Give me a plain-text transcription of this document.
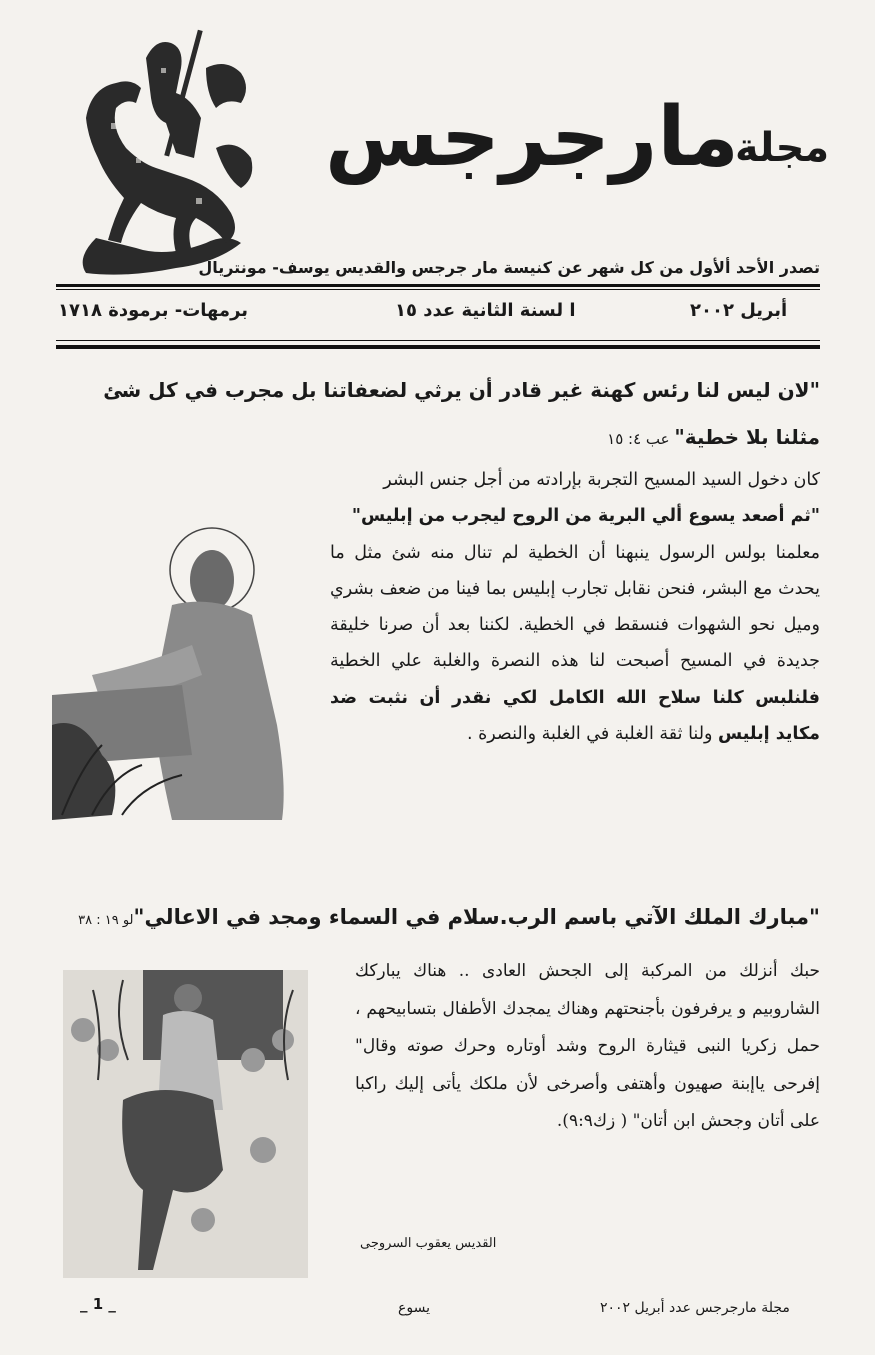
مجلة
مارجرجس
تصدر الأحد ألأول من كل شهر عن كنيسة مار جرجس والقديس يوسف- مونتريال
أبريل ٢٠٠٢
ا لسنة الثانية عدد ١٥
برمهات- برمودة ١٧١٨
"لان ليس لنا رئس كهنة غير قادر أن يرثي لضعفاتنا بل مجرب في كل شئ
مثلنا بلا خطية" عب ٤: ١٥

كان دخول السيد المسيح التجربة بإرادته من أجل جنس البشر

"ثم أصعد يسوع ألي البرية من الروح ليجرب من إبليس"

معلمنا بولس الرسول ينبهنا أن الخطية لم تنال منه شئ مثل ما يحدث مع البشر، فنحن نقابل تجارب إبليس بما فينا من ضعف بشري وميل نحو الشهوات فنسقط في الخطية. لكننا بعد أن صرنا خليقة جديدة في المسيح أصبحت لنا هذه النصرة والغلبة علي الخطية فلنلبس كلنا سلاح الله الكامل لكي نقدر أن نثبت ضد مكايد إبليس ولنا ثقة الغلبة في الغلبة والنصرة .

"مبارك الملك الآتي باسم الرب.سلام في السماء ومجد في الاعالي"لو ١٩ : ٣٨

حبك أنزلك من المركبة إلى الجحش العادى .. هناك يباركك الشاروبيم و يرفرفون بأجنحتهم وهناك يمجدك الأطفال بتسابيحهم ، حمل زكريا النبى قيثارة الروح وشد أوتاره وحرك صوته وقال" إفرحى ياإبنة صهيون وأهتفى وأصرخى لأن ملكك يأتى إليك راكبا على أتان وجحش ابن أتان" ( زك٩:٩).

القديس يعقوب السروجى
_ 1 _	يسوع	مجلة مارجرجس عدد أبريل ٢٠٠٢
